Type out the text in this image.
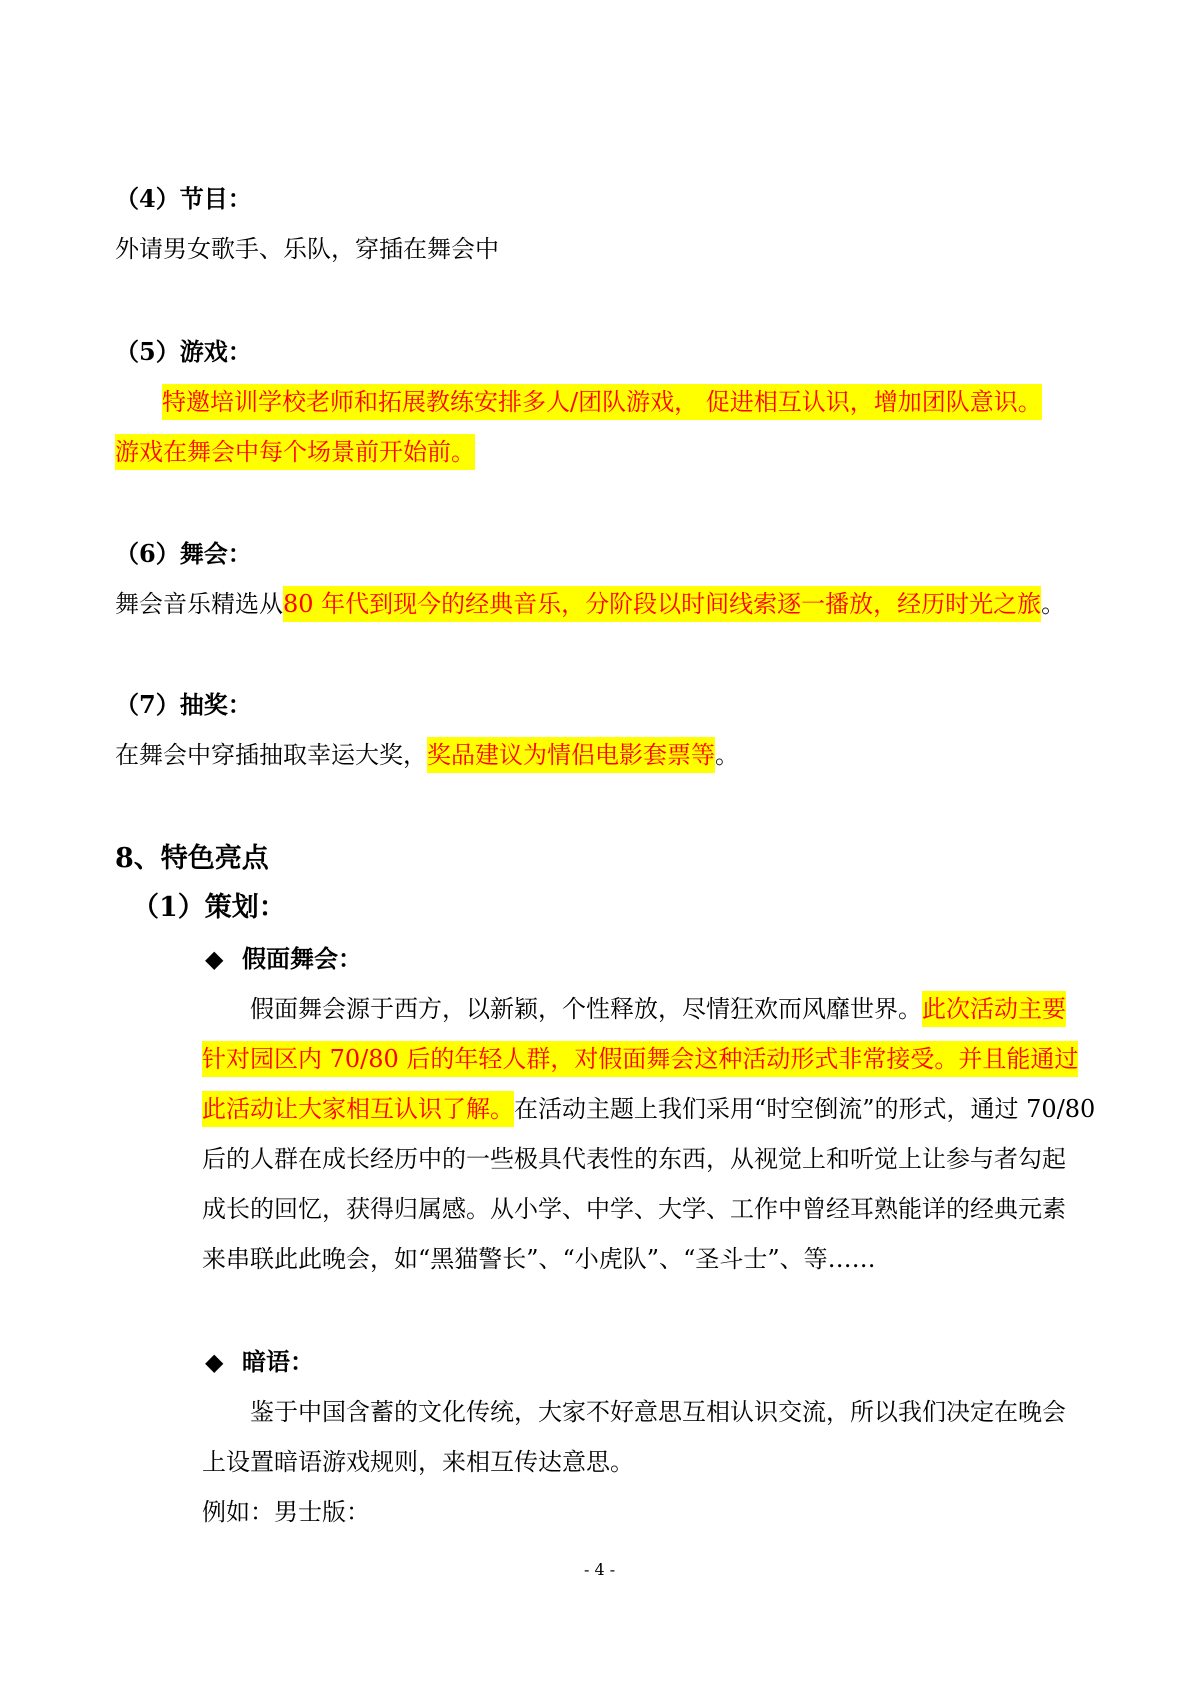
（4）节目：
外请男女歌手、乐队，穿插在舞会中
（5）游戏：
特邀培训学校老师和拓展教练安排多人/团队游戏， 促进相互认识，增加团队意识。
游戏在舞会中每个场景前开始前。
（6）舞会：
舞会音乐精选从80 年代到现今的经典音乐，分阶段以时间线索逐一播放，经历时光之旅。
（7）抽奖：
在舞会中穿插抽取幸运大奖，奖品建议为情侣电影套票等。
8、特色亮点
（1）策划：
◆ 假面舞会：
假面舞会源于西方，以新颖，个性释放，尽情狂欢而风靡世界。此次活动主要
针对园区内 70/80 后的年轻人群，对假面舞会这种活动形式非常接受。并且能通过
此活动让大家相互认识了解。在活动主题上我们采用“时空倒流”的形式，通过 70/80
后的人群在成长经历中的一些极具代表性的东西，从视觉上和听觉上让参与者勾起
成长的回忆，获得归属感。从小学、中学、大学、工作中曾经耳熟能详的经典元素
来串联此此晚会，如“黑猫警长”、“小虎队”、“圣斗士”、等……
◆ 暗语：
鉴于中国含蓄的文化传统，大家不好意思互相认识交流，所以我们决定在晚会
上设置暗语游戏规则，来相互传达意思。
例如：男士版：
- 4 -
